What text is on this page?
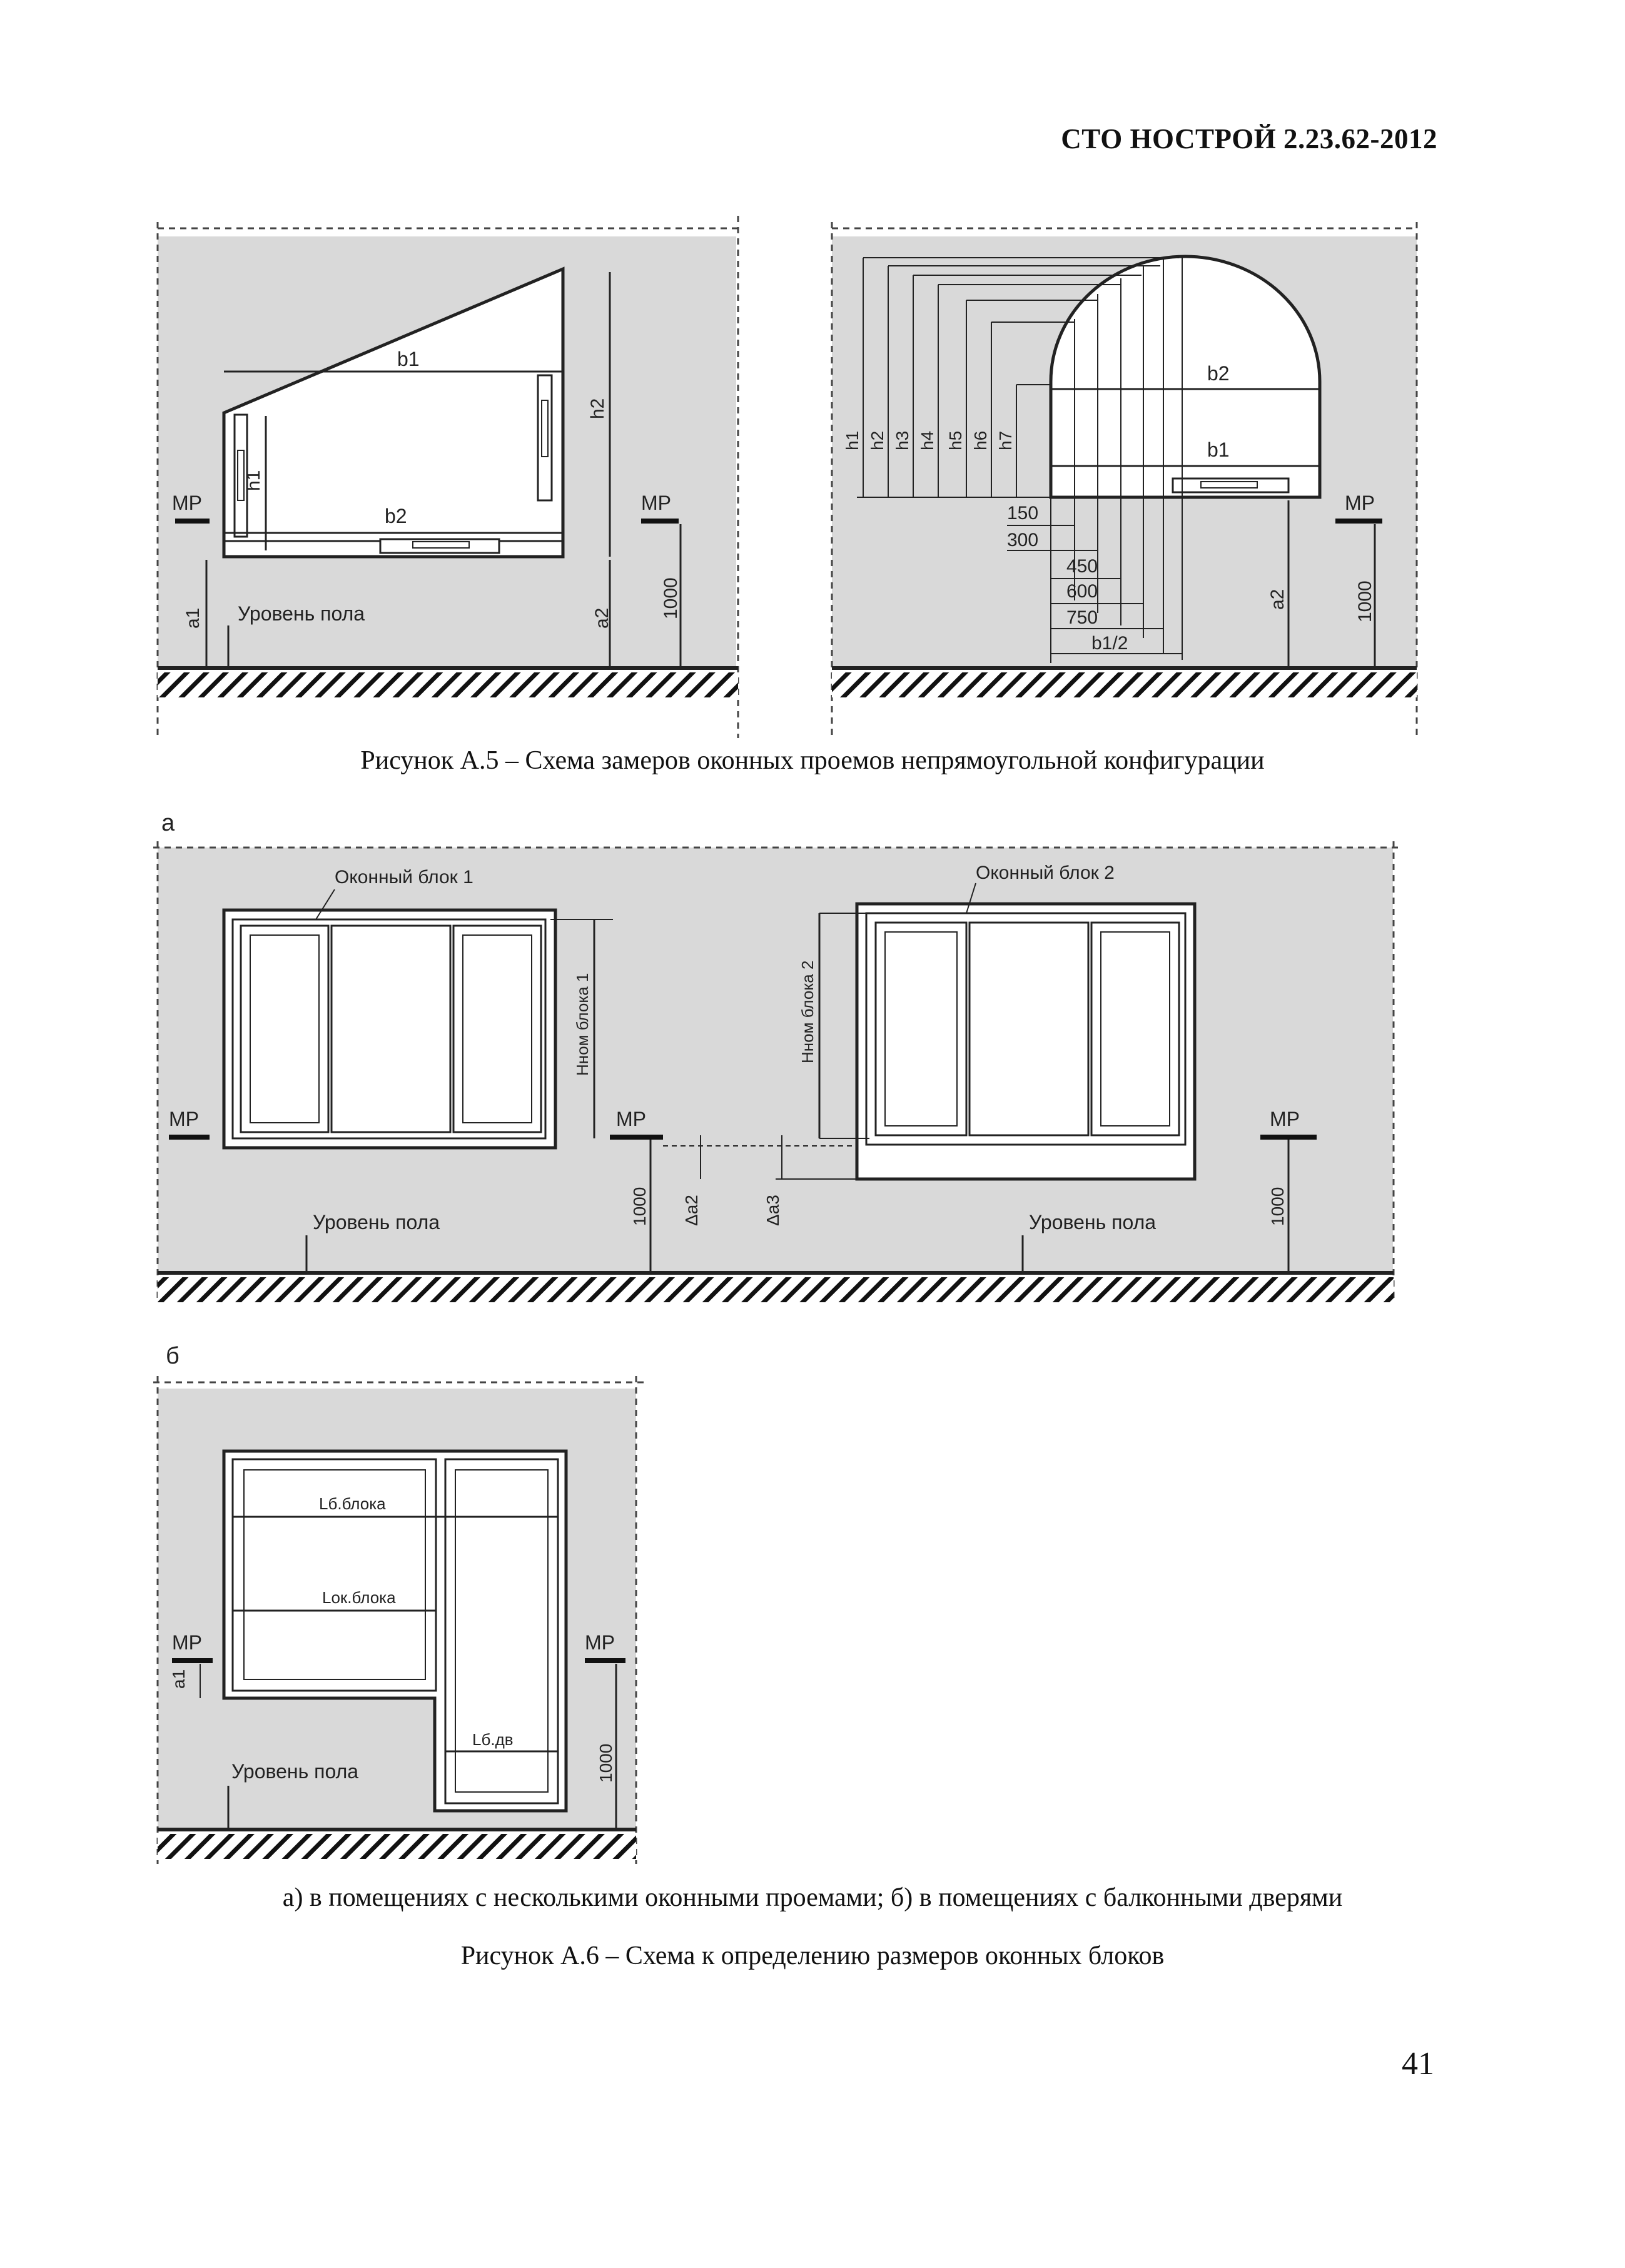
СТО НОСТРОЙ 2.23.62-2012
b1
b2
h1
h2
a2
a1
МР	МР
1000
Уровень пола
b2
b1
h1 h2 h3 h4 h5 h6 h7
150
300
450
600
750
b1/2
a2
МР
1000
а
Оконный блок 1
Нном блока 1
Оконный блок 2
Нном блока 2
МР	МР	МР
Δa2	Δa3
1000	1000
Уровень пола	Уровень пола
б
Lб.блока
Lок.блока
Lб.дв
МР	МР
a1
1000
Уровень пола
Рисунок А.5 – Схема замеров оконных проемов непрямоугольной конфигурации
а) в помещениях с несколькими оконными проемами; б) в помещениях с балконными дверями
Рисунок А.6 – Схема к определению размеров оконных блоков
41
